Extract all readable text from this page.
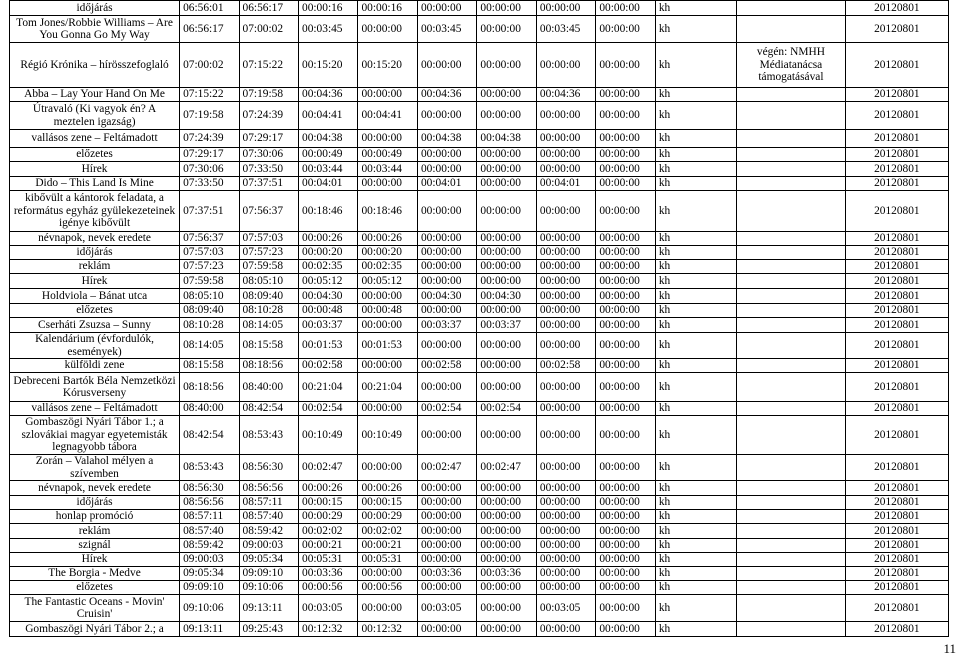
időjárás	06:56:01	06:56:17	00:00:16	00:00:16	00:00:00	00:00:00	00:00:00	00:00:00	kh		20120801
Tom Jones/Robbie Williams – Are You Gonna Go My Way	06:56:17	07:00:02	00:03:45	00:00:00	00:03:45	00:00:00	00:03:45	00:00:00	kh		20120801
Régió Krónika – hírösszefoglaló	07:00:02	07:15:22	00:15:20	00:15:20	00:00:00	00:00:00	00:00:00	00:00:00	kh	végén: NMHH Médiatanácsa támogatásával	20120801
Abba – Lay Your Hand On Me	07:15:22	07:19:58	00:04:36	00:00:00	00:04:36	00:00:00	00:04:36	00:00:00	kh		20120801
Útravaló (Ki vagyok én? A meztelen igazság)	07:19:58	07:24:39	00:04:41	00:04:41	00:00:00	00:00:00	00:00:00	00:00:00	kh		20120801
vallásos zene – Feltámadott	07:24:39	07:29:17	00:04:38	00:00:00	00:04:38	00:04:38	00:00:00	00:00:00	kh		20120801
előzetes	07:29:17	07:30:06	00:00:49	00:00:49	00:00:00	00:00:00	00:00:00	00:00:00	kh		20120801
Hírek	07:30:06	07:33:50	00:03:44	00:03:44	00:00:00	00:00:00	00:00:00	00:00:00	kh		20120801
Dido – This Land Is Mine	07:33:50	07:37:51	00:04:01	00:00:00	00:04:01	00:00:00	00:04:01	00:00:00	kh		20120801
kibővült a kántorok feladata, a református egyház gyülekezeteinek igénye kibővült	07:37:51	07:56:37	00:18:46	00:18:46	00:00:00	00:00:00	00:00:00	00:00:00	kh		20120801
névnapok, nevek eredete	07:56:37	07:57:03	00:00:26	00:00:26	00:00:00	00:00:00	00:00:00	00:00:00	kh		20120801
időjárás	07:57:03	07:57:23	00:00:20	00:00:20	00:00:00	00:00:00	00:00:00	00:00:00	kh		20120801
reklám	07:57:23	07:59:58	00:02:35	00:02:35	00:00:00	00:00:00	00:00:00	00:00:00	kh		20120801
Hírek	07:59:58	08:05:10	00:05:12	00:05:12	00:00:00	00:00:00	00:00:00	00:00:00	kh		20120801
Holdviola – Bánat utca	08:05:10	08:09:40	00:04:30	00:00:00	00:04:30	00:04:30	00:00:00	00:00:00	kh		20120801
előzetes	08:09:40	08:10:28	00:00:48	00:00:48	00:00:00	00:00:00	00:00:00	00:00:00	kh		20120801
Cserháti Zsuzsa – Sunny	08:10:28	08:14:05	00:03:37	00:00:00	00:03:37	00:03:37	00:00:00	00:00:00	kh		20120801
Kalendárium (évfordulók, események)	08:14:05	08:15:58	00:01:53	00:01:53	00:00:00	00:00:00	00:00:00	00:00:00	kh		20120801
külföldi zene	08:15:58	08:18:56	00:02:58	00:00:00	00:02:58	00:00:00	00:02:58	00:00:00	kh		20120801
Debreceni Bartók Béla Nemzetközi Kórusverseny	08:18:56	08:40:00	00:21:04	00:21:04	00:00:00	00:00:00	00:00:00	00:00:00	kh		20120801
vallásos zene – Feltámadott	08:40:00	08:42:54	00:02:54	00:00:00	00:02:54	00:02:54	00:00:00	00:00:00	kh		20120801
Gombaszögi Nyári Tábor 1.; a szlovákiai magyar egyetemisták legnagyobb tábora	08:42:54	08:53:43	00:10:49	00:10:49	00:00:00	00:00:00	00:00:00	00:00:00	kh		20120801
Zorán – Valahol mélyen a szívemben	08:53:43	08:56:30	00:02:47	00:00:00	00:02:47	00:02:47	00:00:00	00:00:00	kh		20120801
névnapok, nevek eredete	08:56:30	08:56:56	00:00:26	00:00:26	00:00:00	00:00:00	00:00:00	00:00:00	kh		20120801
időjárás	08:56:56	08:57:11	00:00:15	00:00:15	00:00:00	00:00:00	00:00:00	00:00:00	kh		20120801
honlap promóció	08:57:11	08:57:40	00:00:29	00:00:29	00:00:00	00:00:00	00:00:00	00:00:00	kh		20120801
reklám	08:57:40	08:59:42	00:02:02	00:02:02	00:00:00	00:00:00	00:00:00	00:00:00	kh		20120801
szignál	08:59:42	09:00:03	00:00:21	00:00:21	00:00:00	00:00:00	00:00:00	00:00:00	kh		20120801
Hírek	09:00:03	09:05:34	00:05:31	00:05:31	00:00:00	00:00:00	00:00:00	00:00:00	kh		20120801
The Borgia - Medve	09:05:34	09:09:10	00:03:36	00:00:00	00:03:36	00:03:36	00:00:00	00:00:00	kh		20120801
előzetes	09:09:10	09:10:06	00:00:56	00:00:56	00:00:00	00:00:00	00:00:00	00:00:00	kh		20120801
The Fantastic Oceans - Movin' Cruisin'	09:10:06	09:13:11	00:03:05	00:00:00	00:03:05	00:00:00	00:03:05	00:00:00	kh		20120801
Gombaszögi Nyári Tábor 2.; a	09:13:11	09:25:43	00:12:32	00:12:32	00:00:00	00:00:00	00:00:00	00:00:00	kh		20120801
11
